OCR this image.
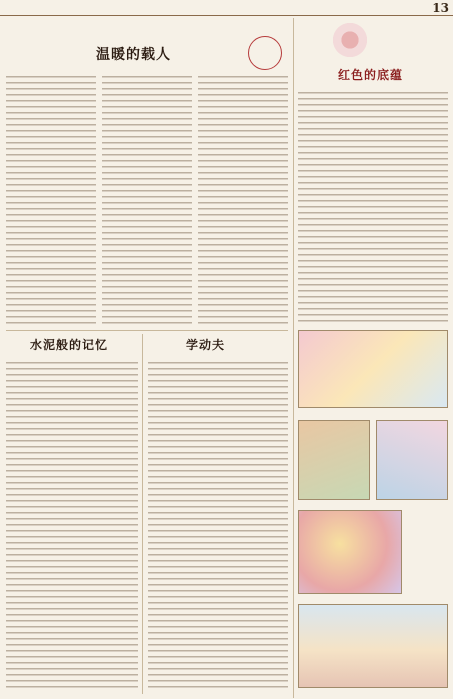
13
温暖的载人
红色的底蕴
水泥般的记忆	学动夫
